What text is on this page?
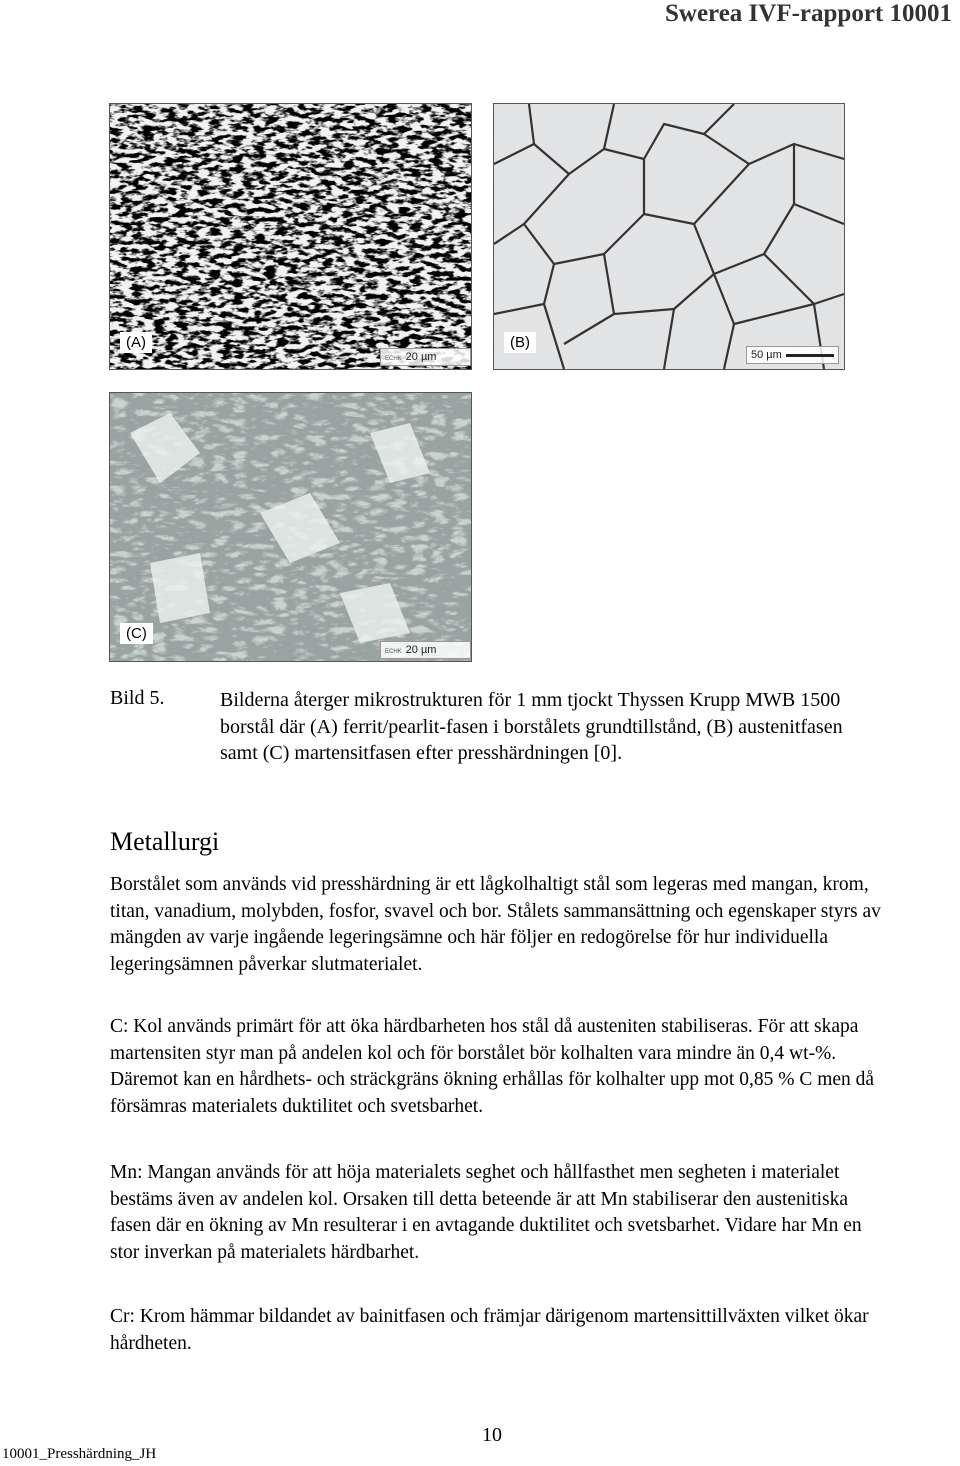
Swerea IVF-rapport 10001
(A)
ECHK 20 µm
(B)
50 µm
(C)
ECHK 20 µm
Bild 5.	Bilderna återger mikrostrukturen för 1 mm tjockt Thyssen Krupp MWB 1500 borstål där (A) ferrit/pearlit-fasen i borstålets grundtillstånd, (B) austenitfasen samt (C) martensitfasen efter presshärdningen [0].
Metallurgi
Borstålet som används vid presshärdning är ett lågkolhaltigt stål som legeras med mangan, krom, titan, vanadium, molybden, fosfor, svavel och bor. Stålets sammansättning och egenskaper styrs av mängden av varje ingående legeringsämne och här följer en redogörelse för hur individuella legeringsämnen påverkar slutmaterialet.
C: Kol används primärt för att öka härdbarheten hos stål då austeniten stabiliseras. För att skapa martensiten styr man på andelen kol och för borstålet bör kolhalten vara mindre än 0,4 wt-%. Däremot kan en hårdhets- och sträckgräns ökning erhållas för kolhalter upp mot 0,85 % C men då försämras materialets duktilitet och svetsbarhet.
Mn: Mangan används för att höja materialets seghet och hållfasthet men segheten i materialet bestäms även av andelen kol. Orsaken till detta beteende är att Mn stabiliserar den austenitiska fasen där en ökning av Mn resulterar i en avtagande duktilitet och svetsbarhet. Vidare har Mn en stor inverkan på materialets härdbarhet.
Cr: Krom hämmar bildandet av bainitfasen och främjar därigenom martensittillväxten vilket ökar hårdheten.
10
10001_Presshärdning_JH
